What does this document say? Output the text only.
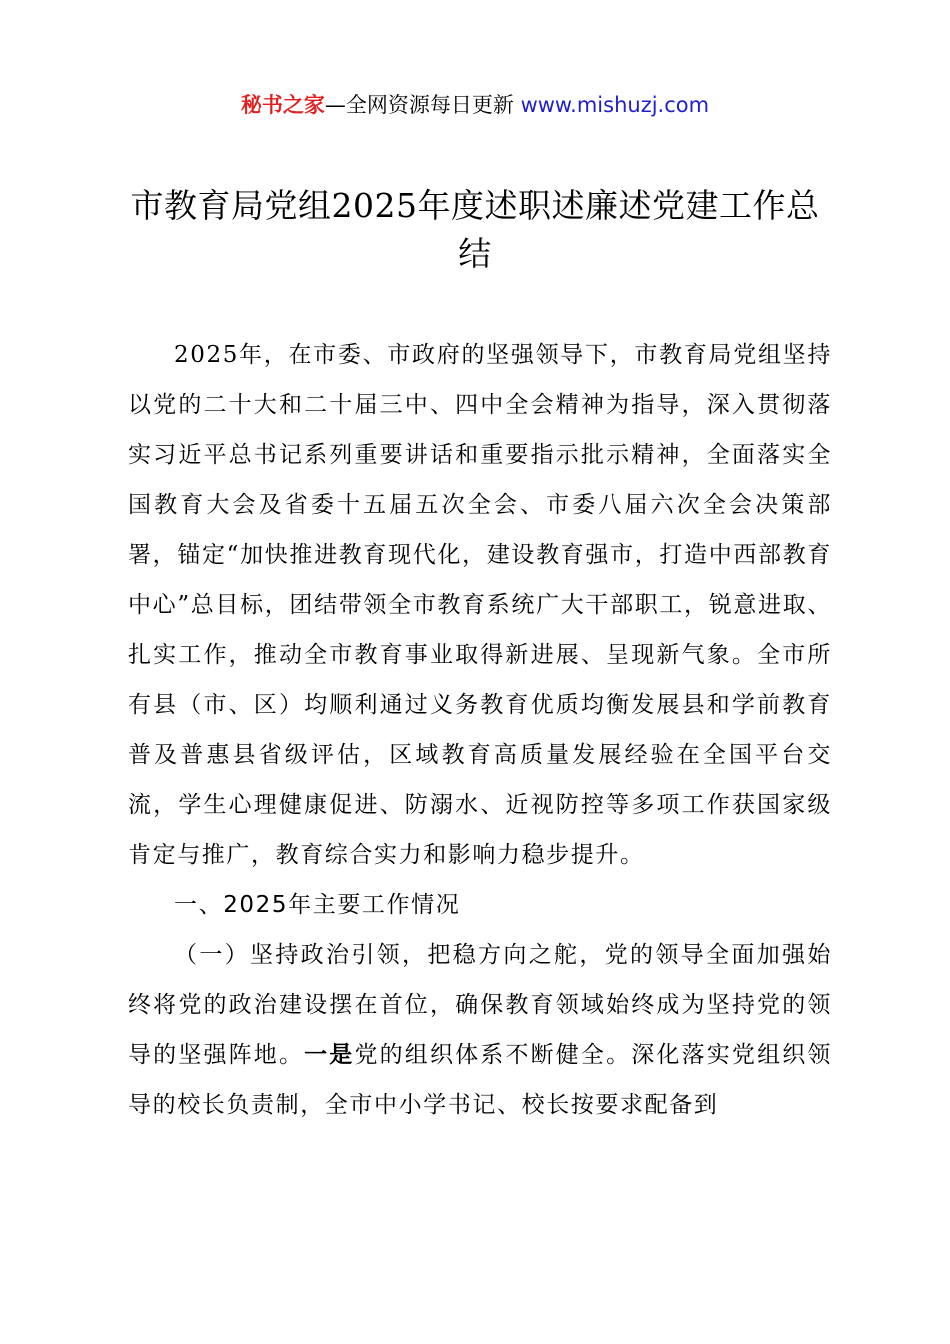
秘书之家—全网资源每日更新 www.mishuzj.com
市教育局党组2025年度述职述廉述党建工作总结

2025年，在市委、市政府的坚强领导下，市教育局党组坚持以党的二十大和二十届三中、四中全会精神为指导，深入贯彻落实习近平总书记系列重要讲话和重要指示批示精神，全面落实全国教育大会及省委十五届五次全会、市委八届六次全会决策部署，锚定“加快推进教育现代化，建设教育强市，打造中西部教育中心”总目标，团结带领全市教育系统广大干部职工，锐意进取、扎实工作，推动全市教育事业取得新进展、呈现新气象。全市所有县（市、区）均顺利通过义务教育优质均衡发展县和学前教育普及普惠县省级评估，区域教育高质量发展经验在全国平台交流，学生心理健康促进、防溺水、近视防控等多项工作获国家级肯定与推广，教育综合实力和影响力稳步提升。

一、2025年主要工作情况

（一）坚持政治引领，把稳方向之舵，党的领导全面加强始终将党的政治建设摆在首位，确保教育领域始终成为坚持党的领导的坚强阵地。一是党的组织体系不断健全。深化落实党组织领导的校长负责制，全市中小学书记、校长按要求配备到
